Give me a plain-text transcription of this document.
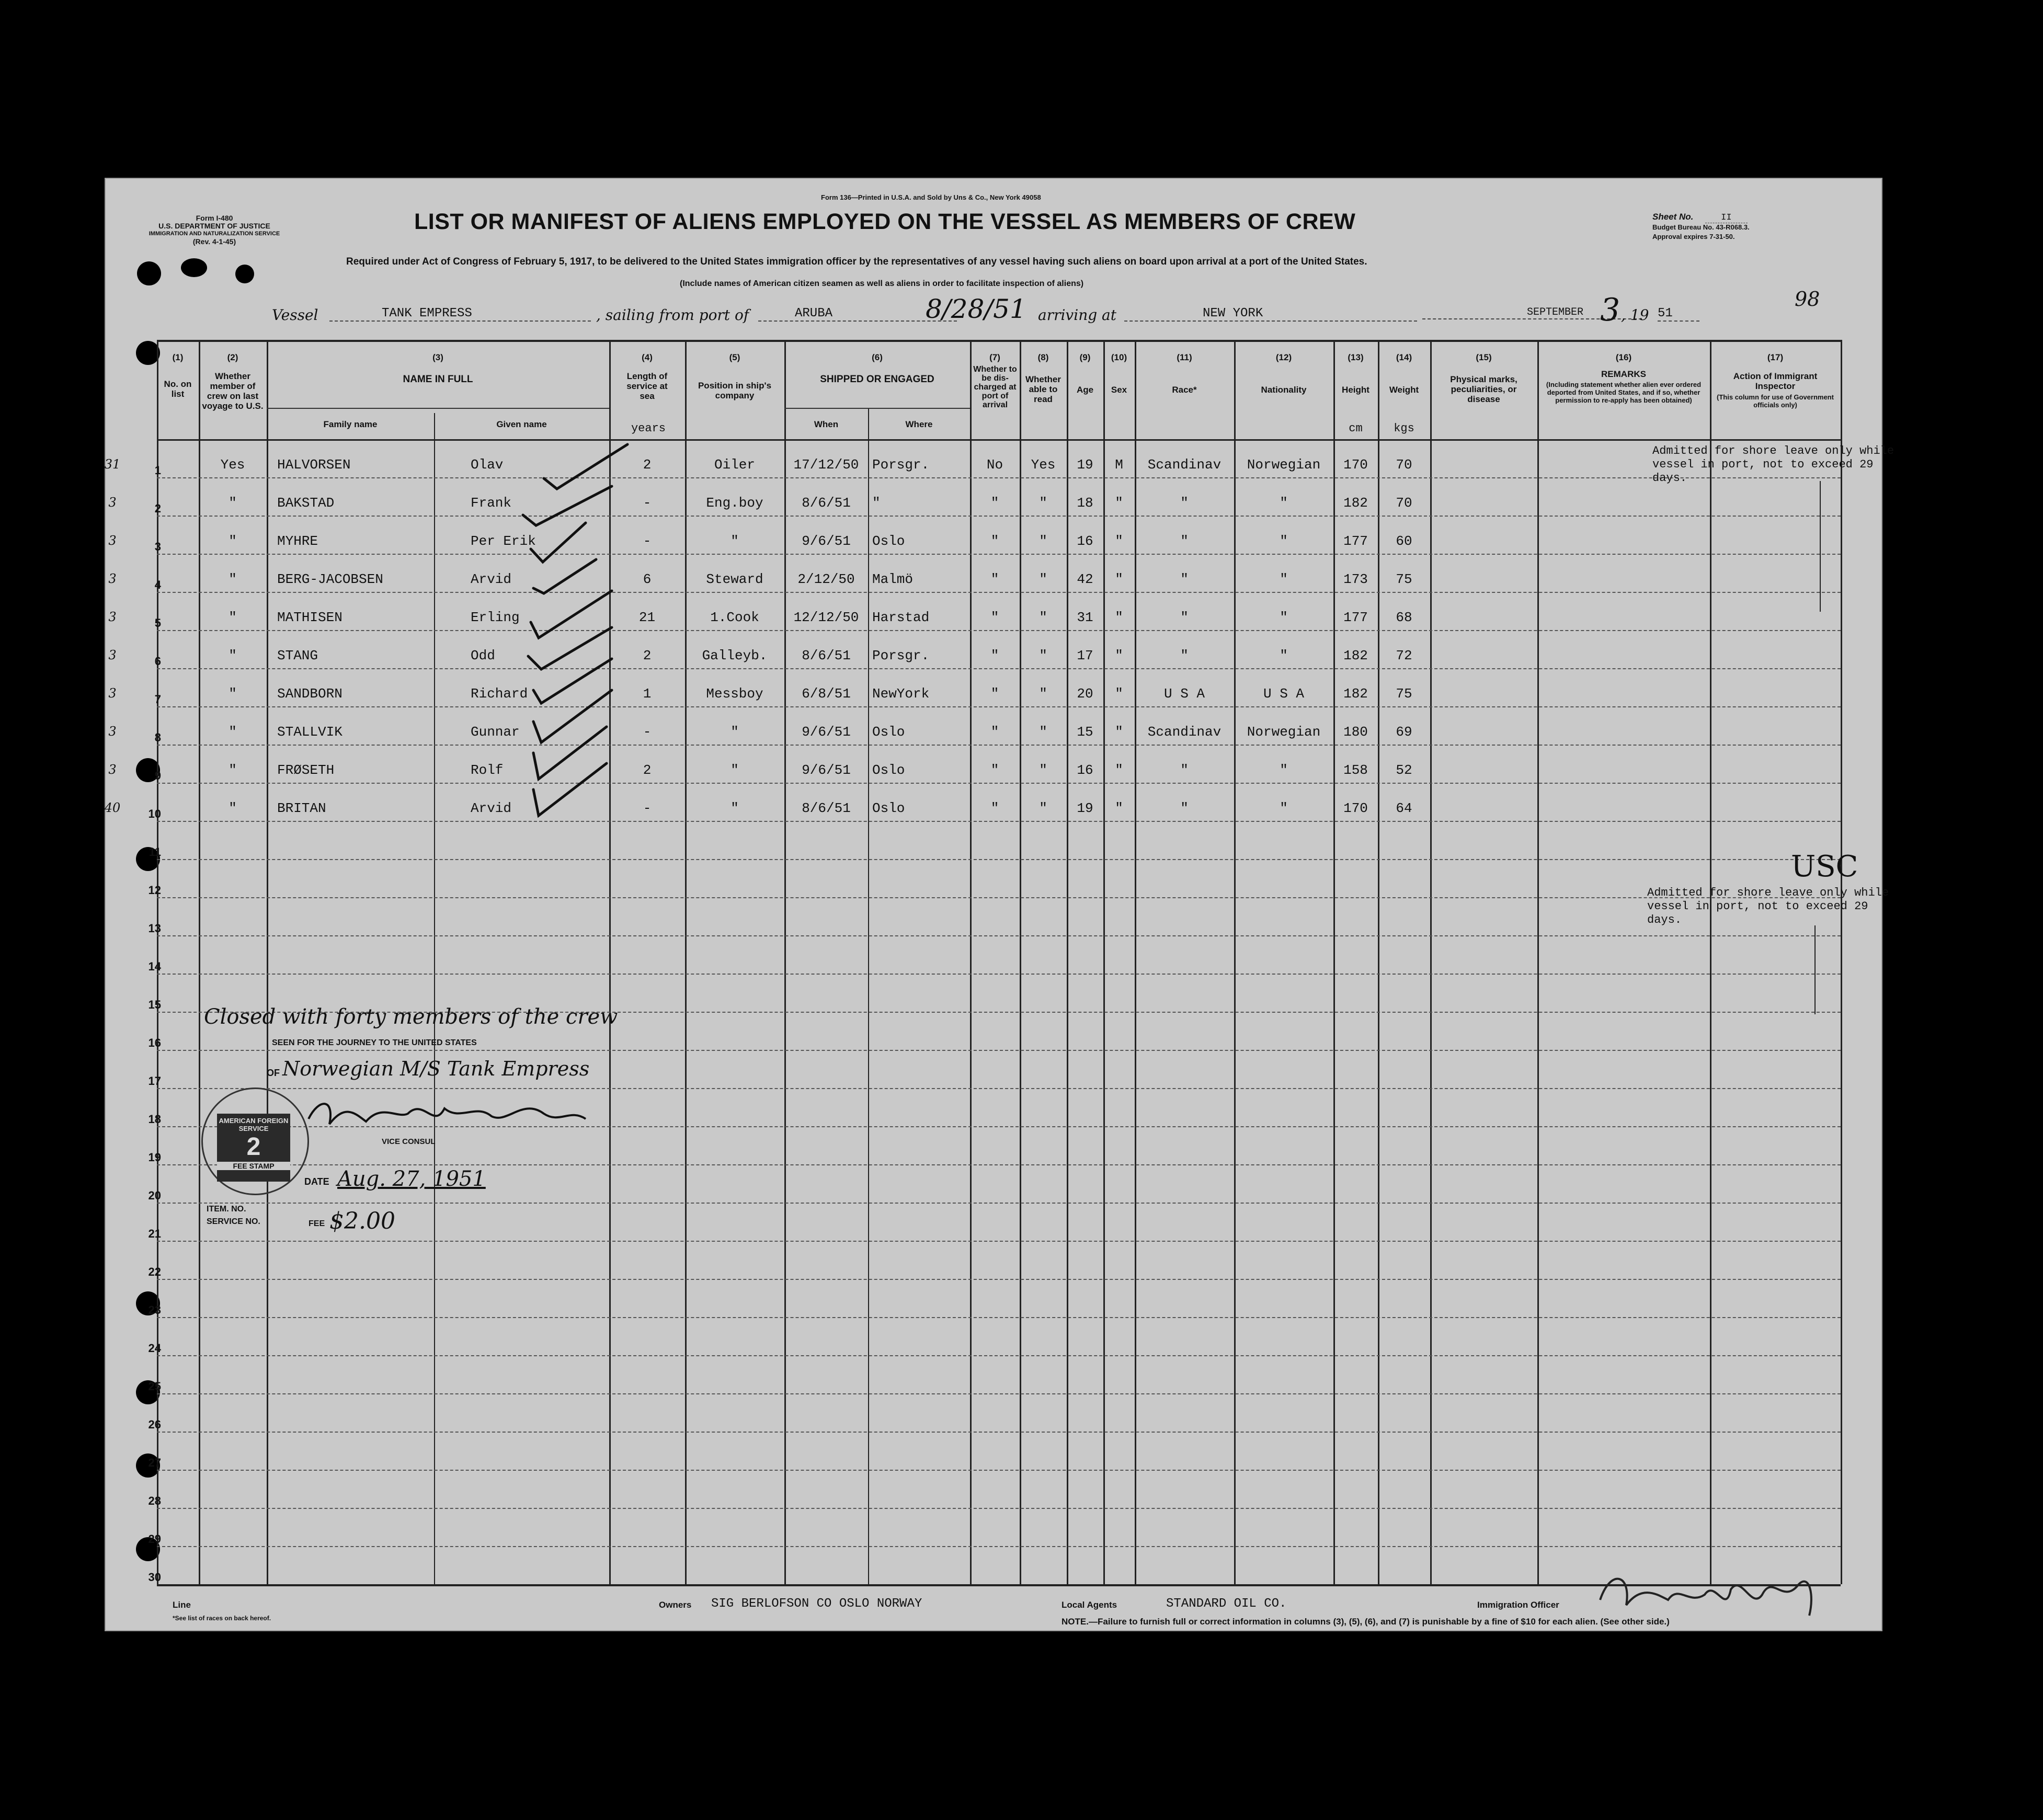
Form 136—Printed in U.S.A. and Sold by Uns & Co., New York 49058
Form I-480
U.S. DEPARTMENT OF JUSTICE
IMMIGRATION AND NATURALIZATION SERVICE
(Rev. 4-1-45)
LIST OR MANIFEST OF ALIENS EMPLOYED ON THE VESSEL AS MEMBERS OF CREW
Required under Act of Congress of February 5, 1917, to be delivered to the United States immigration officer by the representatives of any vessel having such aliens on board upon arrival at a port of the United States.
(Include names of American citizen seamen as well as aliens in order to facilitate inspection of aliens)
Sheet No.	II
Budget Bureau No. 43-R068.3.
Approval expires 7-31-50.
98
Vessel	TANK EMPRESS	, sailing from port of	ARUBA	8/28/51 arriving at	NEW YORK	SEPTEMBER 3 , 19 51
(1)	(2)	(3)	(4)	(5)	(6)	(7)	(8)	(9)	(10)	(11)	(12)	(13)	(14)	(15)	(16)	(17)
No. on list
Whether member of crew on last voyage to U.S.
NAME IN FULL
Family name	Given name
Length of service at sea
Position in ship's company
SHIPPED OR ENGAGED
When	Where
Whether to be dis-charged at port of arrival
Whether able to read
Age	Sex	Race*	Nationality	Height	Weight
cm	kgs
Physical marks, peculiarities, or disease
REMARKS
(Including statement whether alien ever ordered deported from United States, and if so, whether permission to re-apply has been obtained)
Action of Immigrant Inspector
(This column for use of Government officials only)
years
1
2
3
4
5
6
7
8
9
10
11
12
13
14
15
16
17
18
19
20
21
22
23
24
25
26
27
28
29
30
31	Yes	HALVORSEN	Olav	2	Oiler	17/12/50 Porsgr.	No	Yes	19	M	Scandinav	Norwegian	170	70
3	"	BAKSTAD	Frank	-	Eng.boy	8/6/51	"	"	"	18	"	"	"	182	70
3	"	MYHRE	Per Erik	-	"	9/6/51	Oslo	"	"	16	"	"	"	177	60
3	"	BERG-JACOBSEN	Arvid	6	Steward	2/12/50	Malmö	"	"	42	"	"	"	173	75
3	"	MATHISEN	Erling	21	1.Cook	12/12/50 Harstad	"	"	31	"	"	"	177	68
3	"	STANG	Odd	2	Galleyb.	8/6/51	Porsgr.	"	"	17	"	"	"	182	72
3	"	SANDBORN	Richard	1	Messboy	6/8/51	NewYork	"	"	20	"	U S A	U S A	182	75
3	"	STALLVIK	Gunnar	-	"	9/6/51	Oslo	"	"	15	"	Scandinav	Norwegian	180	69
3	"	FRØSETH	Rolf	2	"	9/6/51	Oslo	"	"	16	"	"	"	158	52
40	"	BRITAN	Arvid	-	"	8/6/51	Oslo	"	"	19	"	"	"	170	64
Admitted for shore leave only while vessel in port, not to exceed 29 days.
USC
Admitted for shore leave only while vessel in port, not to exceed 29 days.
Closed with forty members of the crew
SEEN FOR THE JOURNEY TO THE UNITED STATES
OF Norwegian M/S Tank Empress
VICE CONSUL
DATE Aug. 27, 1951
ITEM. NO.
SERVICE NO.	FEE $2.00
AMERICAN FOREIGN SERVICE
2
FEE STAMP
Line	Owners SIG BERLOFSON CO OSLO NORWAY	Local Agents	STANDARD OIL CO.	Immigration Officer
*See list of races on back hereof.	NOTE.—Failure to furnish full or correct information in columns (3), (5), (6), and (7) is punishable by a fine of $10 for each alien. (See other side.)
